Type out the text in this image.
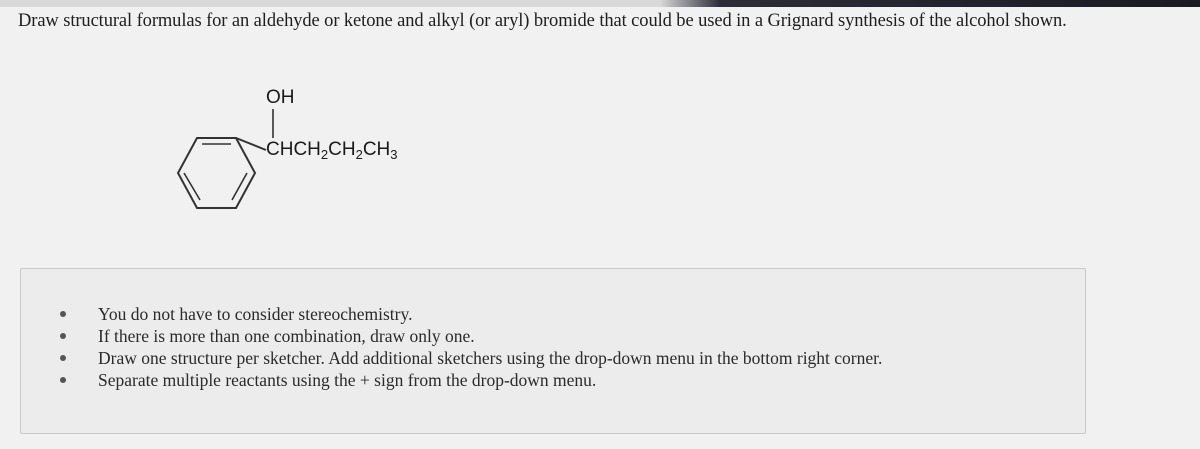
Draw structural formulas for an aldehyde or ketone and alkyl (or aryl) bromide that could be used in a Grignard synthesis of the alcohol shown.
OH
$CHCH_2CH_2CH_3$
You do not have to consider stereochemistry.
If there is more than one combination, draw only one.
Draw one structure per sketcher. Add additional sketchers using the drop-down menu in the bottom right corner.
Separate multiple reactants using the + sign from the drop-down menu.
